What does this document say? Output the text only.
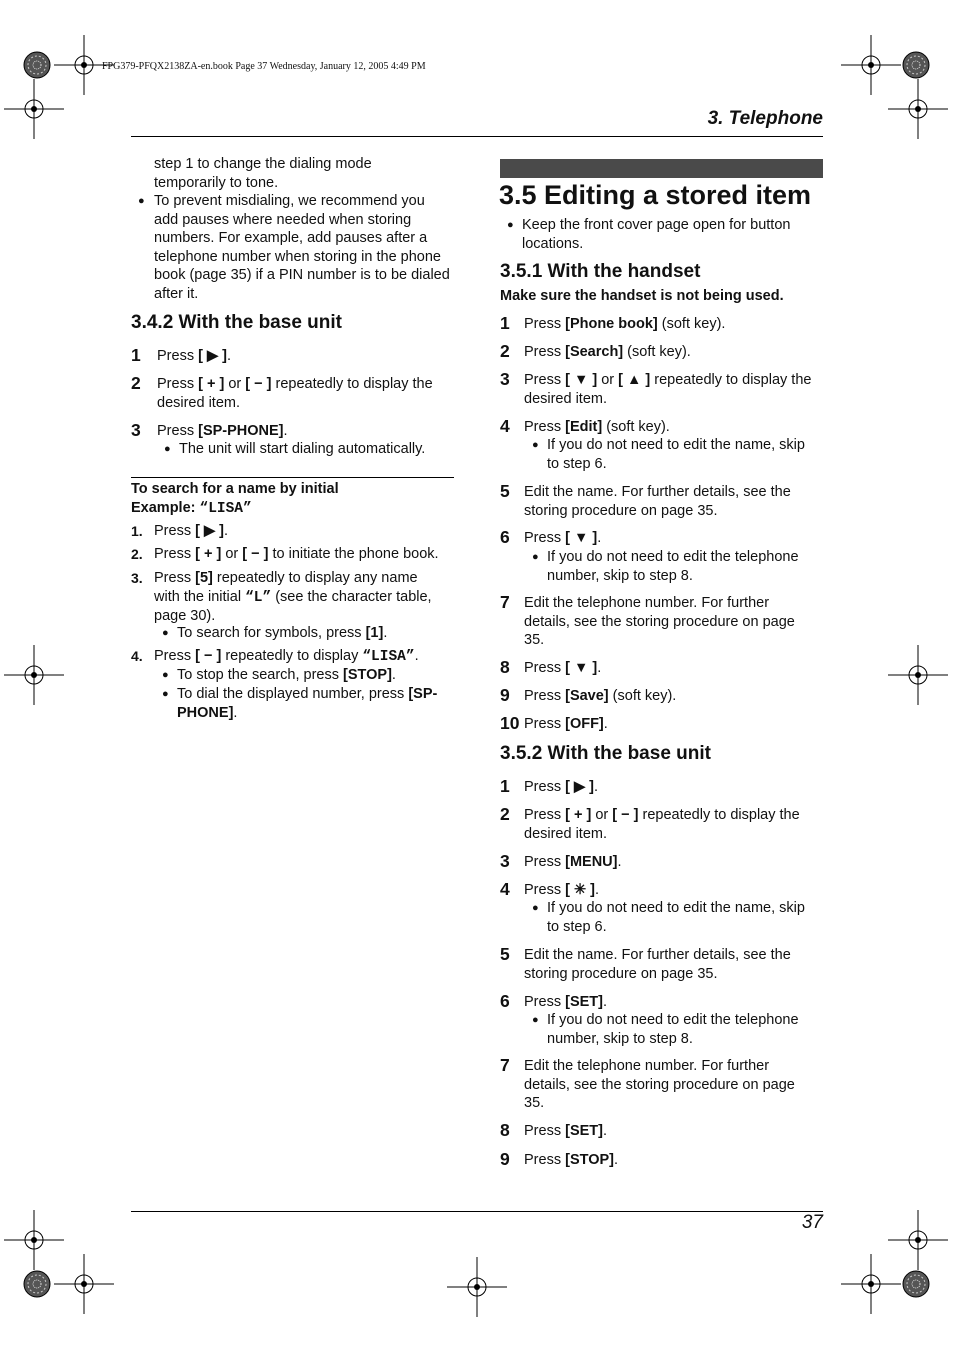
FPG379-PFQX2138ZA-en.book Page 37 Wednesday, January 12, 2005 4:49 PM
3. Telephone
step 1 to change the dialing mode
temporarily to tone.
● To prevent misdialing, we recommend you
add pauses where needed when storing
numbers. For example, add pauses after a
telephone number when storing in the phone
book (page 35) if a PIN number is to be dialed
after it.
3.4.2 With the base unit
1 Press [ ▶ ].
2 Press [ + ] or [ − ] repeatedly to display the
desired item.
3 Press [SP-PHONE].
● The unit will start dialing automatically.
To search for a name by initial
Example: “LISA”
1. Press [ ▶ ].
2. Press [ + ] or [ − ] to initiate the phone book.
3. Press [5] repeatedly to display any name
with the initial “L” (see the character table,
page 30).
● To search for symbols, press [1].
4. Press [ − ] repeatedly to display “LISA”.
● To stop the search, press [STOP].
● To dial the displayed number, press [SP-
PHONE].
3.5 Editing a stored item
● Keep the front cover page open for button
locations.
3.5.1 With the handset
Make sure the handset is not being used.
1 Press [Phone book] (soft key).
2 Press [Search] (soft key).
3 Press [ ▼ ] or [ ▲ ] repeatedly to display the
desired item.
4 Press [Edit] (soft key).
● If you do not need to edit the name, skip
to step 6.
5 Edit the name. For further details, see the
storing procedure on page 35.
6 Press [ ▼ ].
● If you do not need to edit the telephone
number, skip to step 8.
7 Edit the telephone number. For further
details, see the storing procedure on page
35.
8 Press [ ▼ ].
9 Press [Save] (soft key).
10 Press [OFF].
3.5.2 With the base unit
1 Press [ ▶ ].
2 Press [ + ] or [ − ] repeatedly to display the
desired item.
3 Press [MENU].
4 Press [ ✳ ].
● If you do not need to edit the name, skip
to step 6.
5 Edit the name. For further details, see the
storing procedure on page 35.
6 Press [SET].
● If you do not need to edit the telephone
number, skip to step 8.
7 Edit the telephone number. For further
details, see the storing procedure on page
35.
8 Press [SET].
9 Press [STOP].
37
